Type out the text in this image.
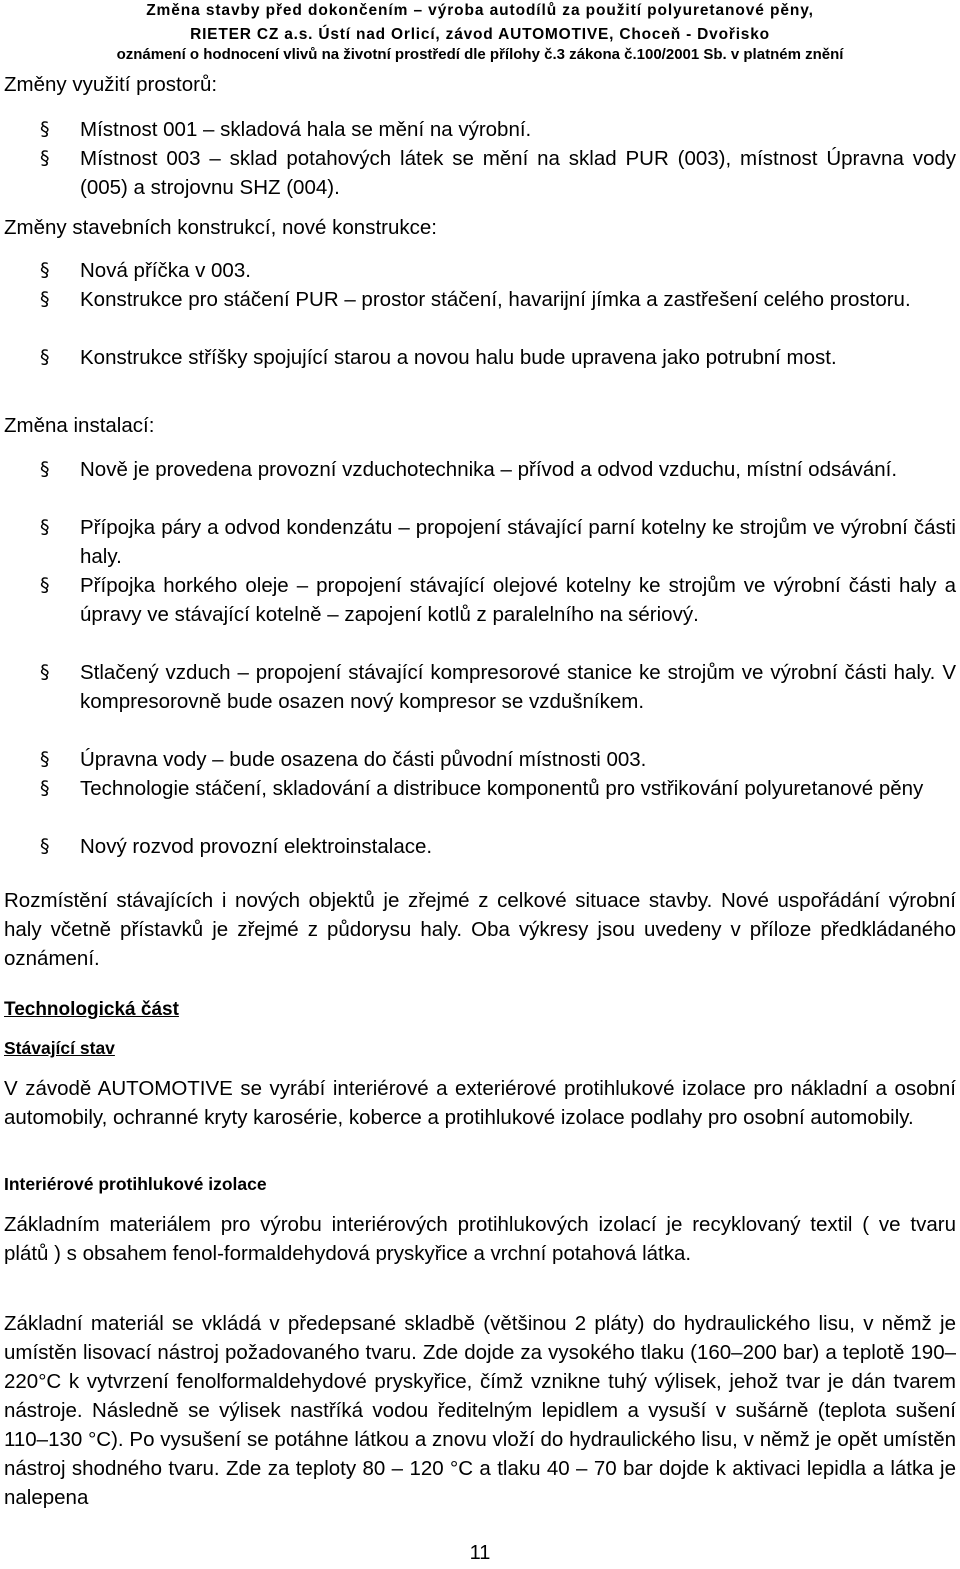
Změna stavby před dokončením – výroba autodílů za použití polyuretanové pěny,
RIETER CZ a.s. Ústí nad Orlicí, závod AUTOMOTIVE, Choceň - Dvořisko
oznámení o hodnocení vlivů na životní prostředí dle přílohy č.3 zákona č.100/2001 Sb. v platném znění
Změny využití prostorů:
§	Místnost 001 – skladová hala se mění na výrobní.
§	Místnost 003 – sklad potahových látek se mění na sklad PUR (003), místnost Úpravna vody (005) a strojovnu SHZ (004).
Změny stavebních konstrukcí, nové konstrukce:
§	Nová příčka v 003.
§	Konstrukce pro stáčení PUR – prostor stáčení, havarijní jímka a zastřešení celého prostoru.
§	Konstrukce stříšky spojující starou a novou halu bude upravena jako potrubní most.
Změna instalací:
§	Nově je provedena provozní vzduchotechnika – přívod a odvod vzduchu, místní odsávání.
§	Přípojka páry a odvod kondenzátu – propojení stávající parní kotelny ke strojům ve výrobní části haly.
§	Přípojka horkého oleje – propojení stávající olejové kotelny ke strojům ve výrobní části haly a úpravy ve stávající kotelně – zapojení kotlů z paralelního na sériový.
§	Stlačený vzduch – propojení stávající kompresorové stanice ke strojům ve výrobní části haly. V kompresorovně bude osazen nový kompresor se vzdušníkem.
§	Úpravna vody – bude osazena do části původní místnosti 003.
§	Technologie stáčení, skladování a distribuce komponentů pro vstřikování polyuretanové pěny
§	Nový rozvod provozní elektroinstalace.
Rozmístění stávajících i nových objektů je zřejmé z celkové situace stavby. Nové uspořádání výrobní haly včetně přístavků je zřejmé z půdorysu haly. Oba výkresy jsou uvedeny v příloze předkládaného oznámení.
Technologická část
Stávající stav
V závodě AUTOMOTIVE se vyrábí interiérové a exteriérové protihlukové izolace pro nákladní a osobní automobily, ochranné kryty karosérie, koberce a protihlukové izolace podlahy pro osobní automobily.
Interiérové protihlukové izolace
Základním materiálem pro výrobu interiérových protihlukových izolací je recyklovaný textil ( ve tvaru plátů ) s obsahem fenol-formaldehydová pryskyřice a vrchní potahová látka.
Základní materiál se vkládá v předepsané skladbě (většinou 2 pláty) do hydraulického lisu, v němž je umístěn lisovací nástroj požadovaného tvaru. Zde dojde za vysokého tlaku (160–200 bar) a teplotě 190–220°C k vytvrzení fenolformaldehydové pryskyřice, čímž vznikne tuhý výlisek, jehož tvar je dán tvarem nástroje. Následně se výlisek nastříká vodou ředitelným lepidlem a vysuší v sušárně (teplota sušení 110–130 °C). Po vysušení se potáhne látkou a znovu vloží do hydraulického lisu, v němž je opět umístěn nástroj shodného tvaru. Zde za teploty 80 – 120 °C a tlaku 40 – 70 bar dojde k aktivaci lepidla a látka je nalepena
11
